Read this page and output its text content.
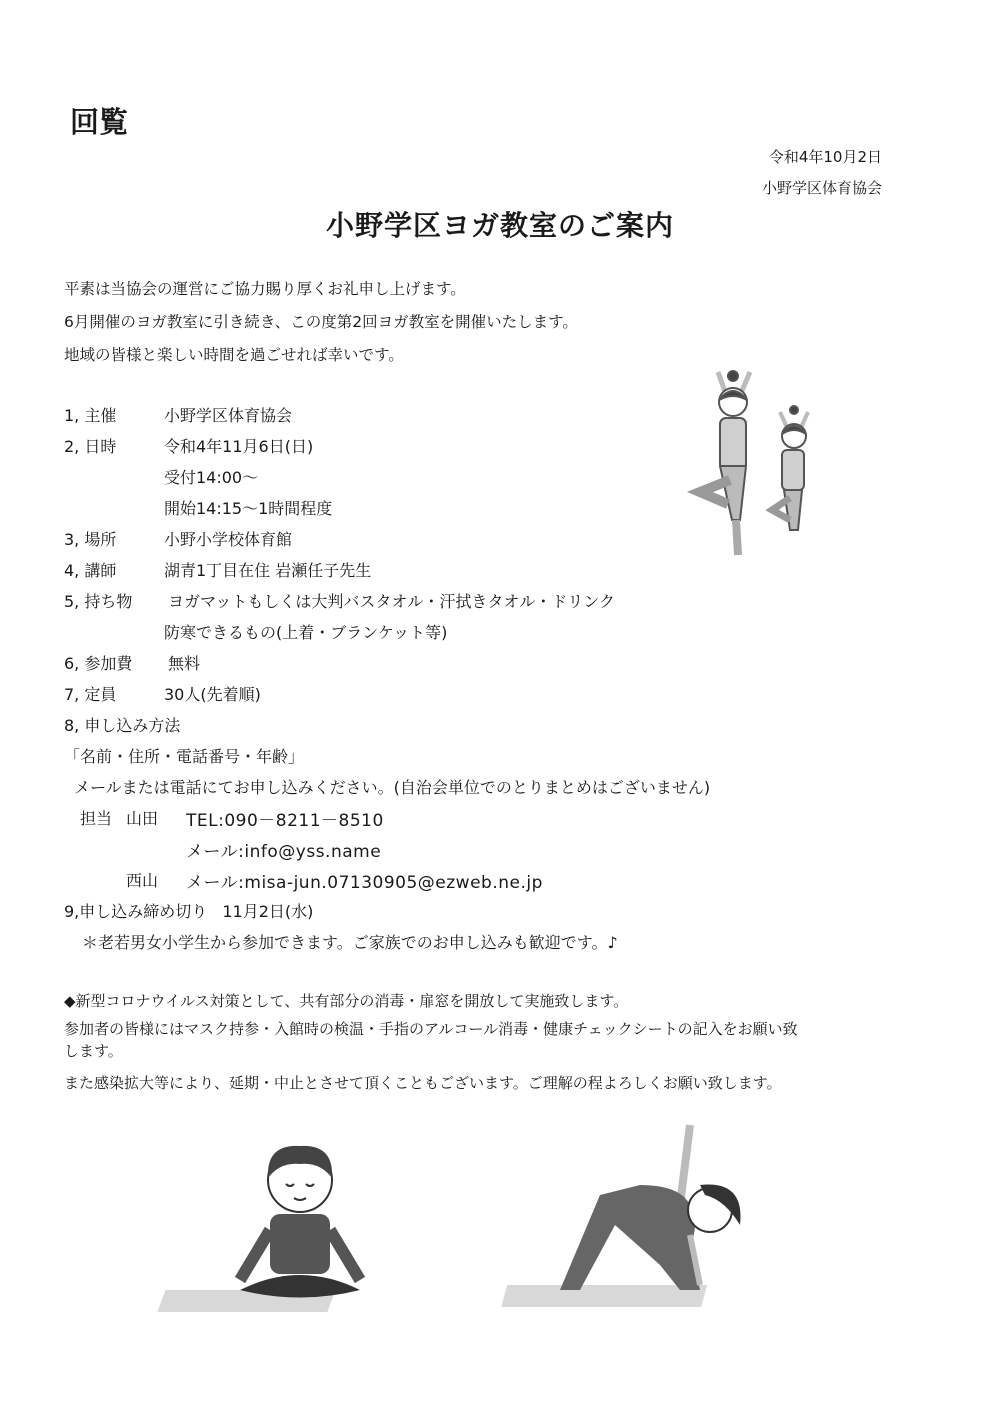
回覧
令和4年10月2日
小野学区体育協会
小野学区ヨガ教室のご案内
平素は当協会の運営にご協力賜り厚くお礼申し上げます。
6月開催のヨガ教室に引き続き、この度第2回ヨガ教室を開催いたします。
地域の皆様と楽しい時間を過ごせれば幸いです。
1, 主催	小野学区体育協会
2, 日時	令和4年11月6日(日)
受付14:00～
開始14:15～1時間程度
3, 場所	小野小学校体育館
4, 講師	湖青1丁目在住 岩瀬任子先生
5, 持ち物 ヨガマットもしくは大判バスタオル・汗拭きタオル・ドリンク
防寒できるもの(上着・ブランケット等)
6, 参加費 無料
7, 定員	30人(先着順)
8, 申し込み方法
「名前・住所・電話番号・年齢」
メールまたは電話にてお申し込みください。(自治会単位でのとりまとめはございません)
担当 山田 TEL:090－8211－8510
メール:info@yss.name
西山 メール:misa-jun.07130905@ezweb.ne.jp
9,申し込み締め切り 11月2日(水)
＊老若男女小学生から参加できます。ご家族でのお申し込みも歓迎です。♪
◆新型コロナウイルス対策として、共有部分の消毒・扉窓を開放して実施致します。
参加者の皆様にはマスク持参・入館時の検温・手指のアルコール消毒・健康チェックシートの記入をお願い致
します。
また感染拡大等により、延期・中止とさせて頂くこともございます。ご理解の程よろしくお願い致します。
